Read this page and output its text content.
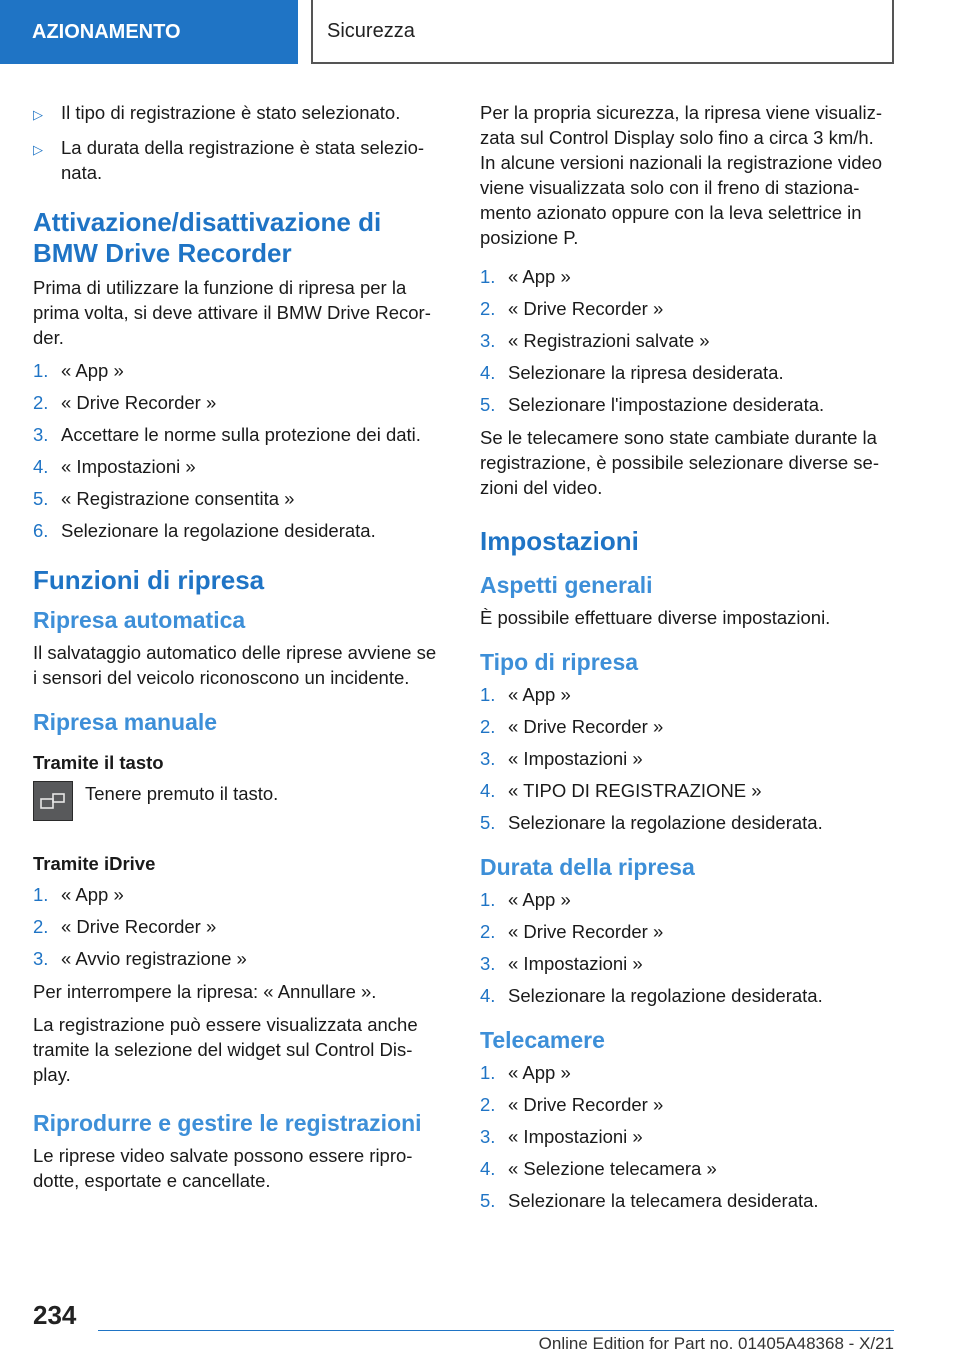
AZIONAMENTO	Sicurezza
▷ Il tipo di registrazione è stato selezionato.
▷ La durata della registrazione è stata selezio‐nata.
Attivazione/disattivazione di BMW Drive Recorder

Prima di utilizzare la funzione di ripresa per la prima volta, si deve attivare il BMW Drive Recor‐der.

1. « App »
2. « Drive Recorder »
3. Accettare le norme sulla protezione dei dati.
4. « Impostazioni »
5. « Registrazione consentita »
6. Selezionare la regolazione desiderata.
Funzioni di ripresa
Ripresa automatica

Il salvataggio automatico delle riprese avviene se i sensori del veicolo riconoscono un incidente.

Ripresa manuale
Tramite il tasto
Tenere premuto il tasto.
Tramite iDrive
1. « App »
2. « Drive Recorder »
3. « Avvio registrazione »

Per interrompere la ripresa: « Annullare ».

La registrazione può essere visualizzata anche tramite la selezione del widget sul Control Dis‐play.

Riprodurre e gestire le registrazioni

Le riprese video salvate possono essere ripro‐dotte, esportate e cancellate.

Per la propria sicurezza, la ripresa viene visualiz‐zata sul Control Display solo fino a circa 3 km/h. In alcune versioni nazionali la registrazione video viene visualizzata solo con il freno di staziona‐mento azionato oppure con la leva selettrice in posizione P.

1. « App »
2. « Drive Recorder »
3. « Registrazioni salvate »
4. Selezionare la ripresa desiderata.
5. Selezionare l'impostazione desiderata.

Se le telecamere sono state cambiate durante la registrazione, è possibile selezionare diverse se‐zioni del video.

Impostazioni
Aspetti generali

È possibile effettuare diverse impostazioni.

Tipo di ripresa
1. « App »
2. « Drive Recorder »
3. « Impostazioni »
4. « TIPO DI REGISTRAZIONE »
5. Selezionare la regolazione desiderata.
Durata della ripresa
1. « App »
2. « Drive Recorder »
3. « Impostazioni »
4. Selezionare la regolazione desiderata.
Telecamere
1. « App »
2. « Drive Recorder »
3. « Impostazioni »
4. « Selezione telecamera »
5. Selezionare la telecamera desiderata.
234
Online Edition for Part no. 01405A48368 - X/21
